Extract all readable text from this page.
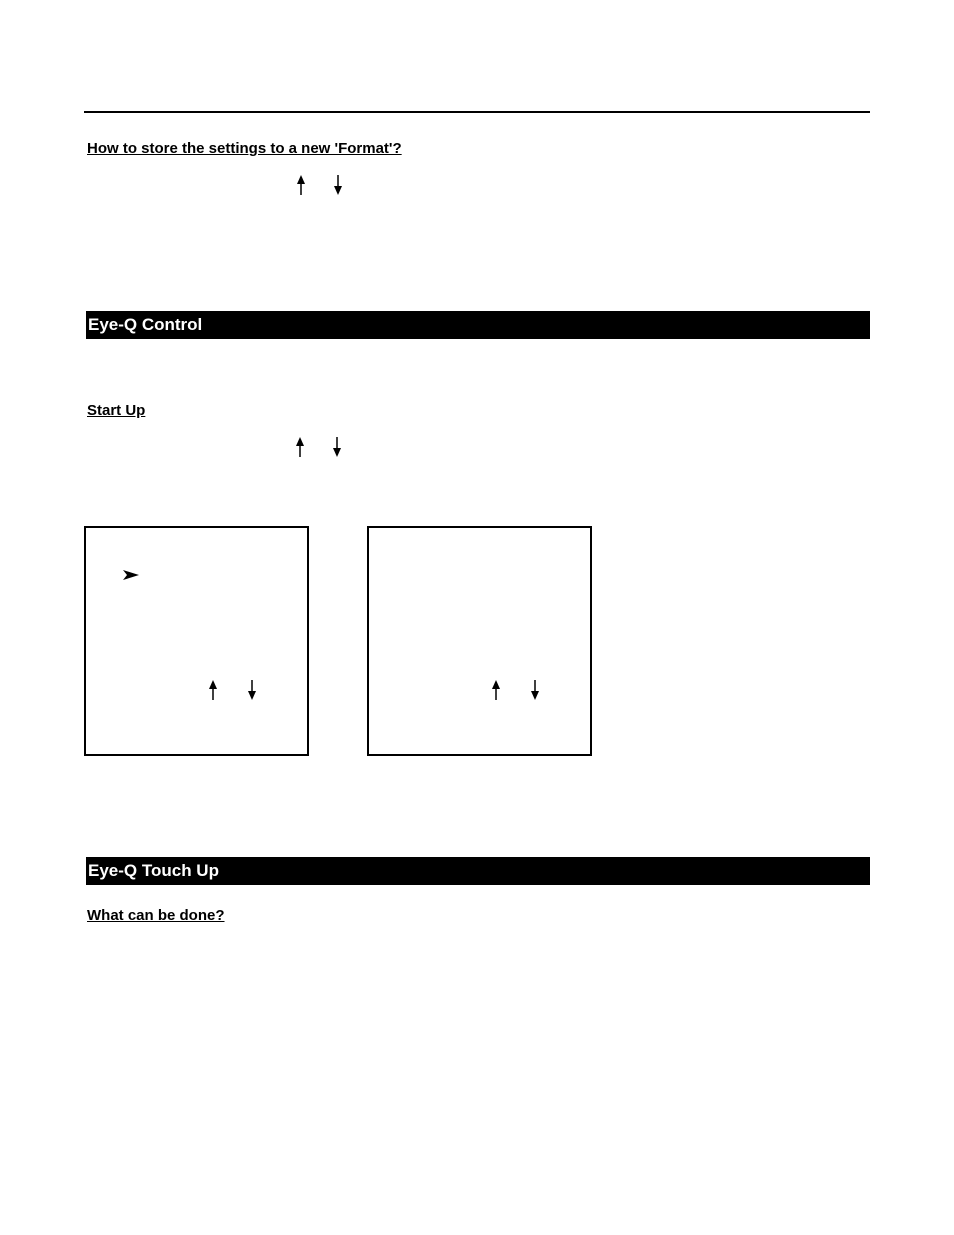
How to store the settings to a new 'Format'?
Eye-Q Control
Start Up
Eye-Q Touch Up
What can be done?
